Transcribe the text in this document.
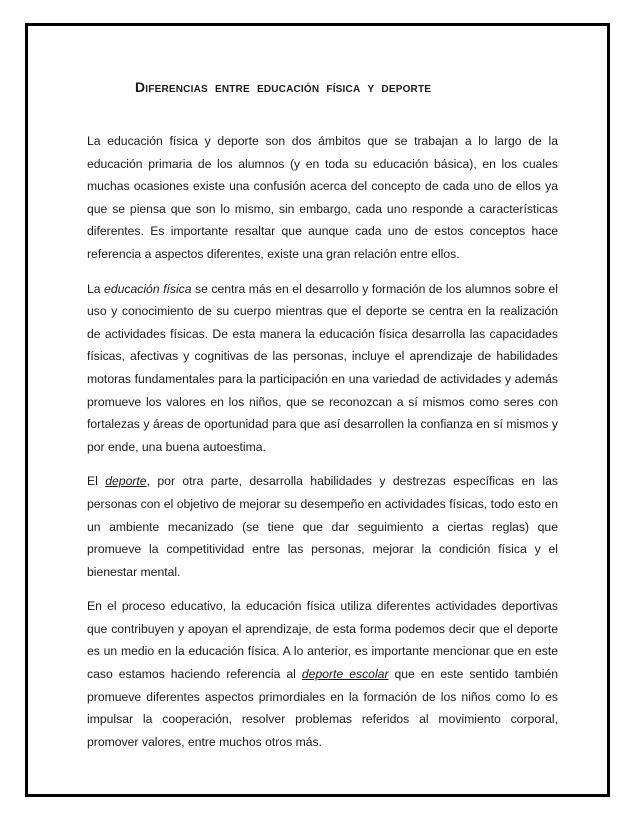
Diferencias entre educación física y deporte

La educación física y deporte son dos ámbitos que se trabajan a lo largo de la educación primaria de los alumnos (y en toda su educación básica), en los cuales muchas ocasiones existe una confusión acerca del concepto de cada uno de ellos ya que se piensa que son lo mismo, sin embargo, cada uno responde a características diferentes. Es importante resaltar que aunque cada uno de estos conceptos hace referencia a aspectos diferentes, existe una gran relación entre ellos.

La educación física se centra más en el desarrollo y formación de los alumnos sobre el uso y conocimiento de su cuerpo mientras que el deporte se centra en la realización de actividades físicas. De esta manera la educación física desarrolla las capacidades físicas, afectivas y cognitivas de las personas, incluye el aprendizaje de habilidades motoras fundamentales para la participación en una variedad de actividades y además promueve los valores en los niños, que se reconozcan a sí mismos como seres con fortalezas y áreas de oportunidad para que así desarrollen la confianza en sí mismos y por ende, una buena autoestima.

El deporte, por otra parte, desarrolla habilidades y destrezas específicas en las personas con el objetivo de mejorar su desempeño en actividades físicas, todo esto en un ambiente mecanizado (se tiene que dar seguimiento a ciertas reglas) que promueve la competitividad entre las personas, mejorar la condición física y el bienestar mental.

En el proceso educativo, la educación física utiliza diferentes actividades deportivas que contribuyen y apoyan el aprendizaje, de esta forma podemos decir que el deporte es un medio en la educación física. A lo anterior, es importante mencionar que en este caso estamos haciendo referencia al deporte escolar que en este sentido también promueve diferentes aspectos primordiales en la formación de los niños como lo es impulsar la cooperación, resolver problemas referidos al movimiento corporal, promover valores, entre muchos otros más.
